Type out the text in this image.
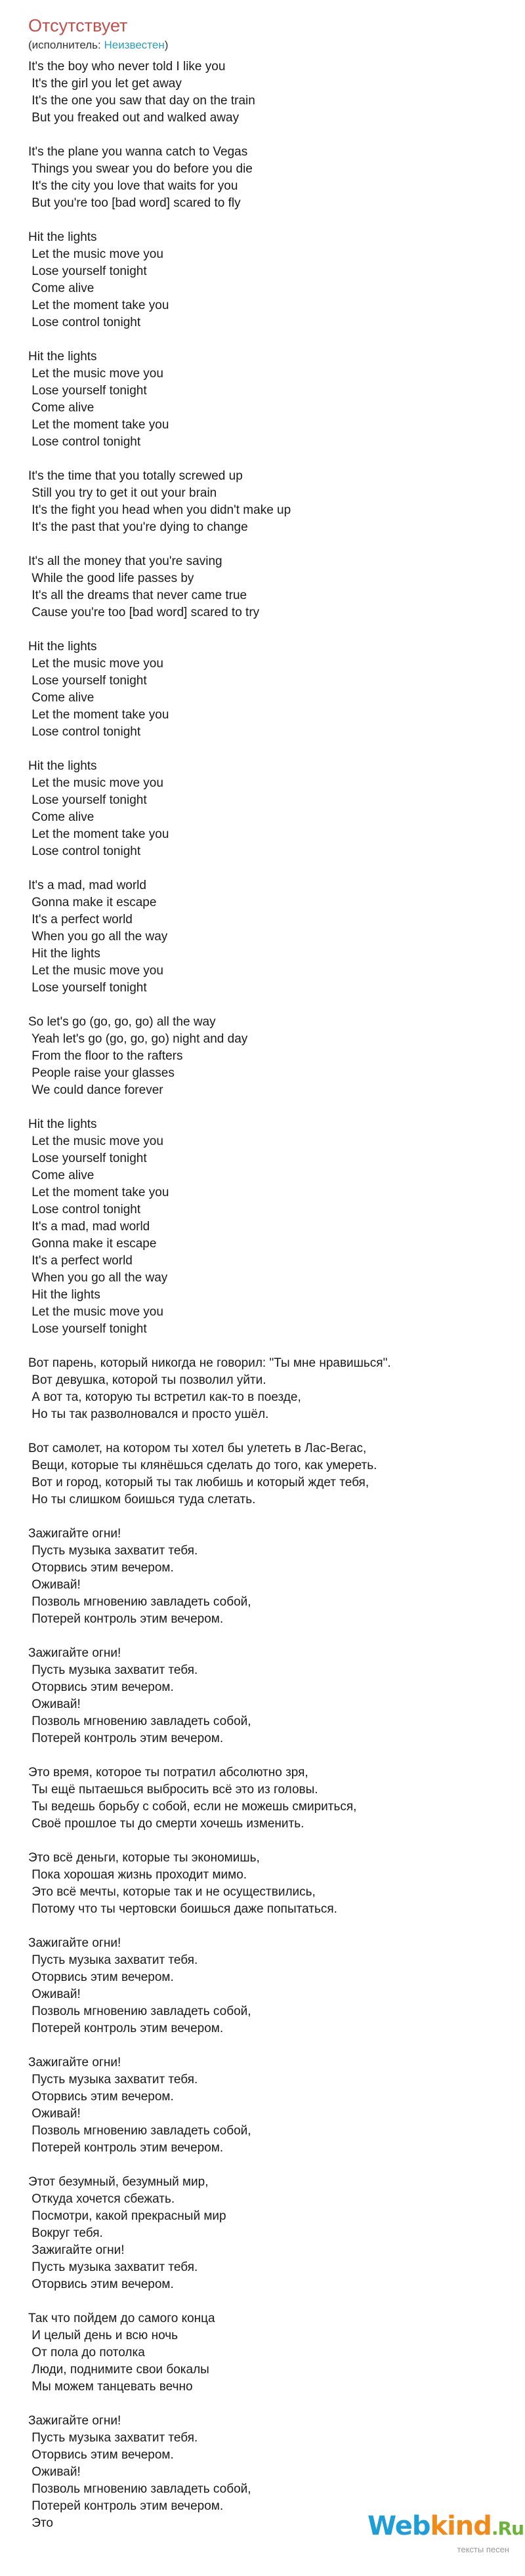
Отсутствует
(исполнитель: Неизвестен)
It's the boy who never told I like you
It's the girl you let get away
It's the one you saw that day on the train
But you freaked out and walked away
It's the plane you wanna catch to Vegas
Things you swear you do before you die
It's the city you love that waits for you
But you're too [bad word] scared to fly
Hit the lights
Let the music move you
Lose yourself tonight
Come alive
Let the moment take you
Lose control tonight
Hit the lights
Let the music move you
Lose yourself tonight
Come alive
Let the moment take you
Lose control tonight
It's the time that you totally screwed up
Still you try to get it out your brain
It's the fight you head when you didn't make up
It's the past that you're dying to change
It's all the money that you're saving
While the good life passes by
It's all the dreams that never came true
Cause you're too [bad word] scared to try
Hit the lights
Let the music move you
Lose yourself tonight
Come alive
Let the moment take you
Lose control tonight
Hit the lights
Let the music move you
Lose yourself tonight
Come alive
Let the moment take you
Lose control tonight
It's a mad, mad world
Gonna make it escape
It's a perfect world
When you go all the way
Hit the lights
Let the music move you
Lose yourself tonight
So let's go (go, go, go) all the way
Yeah let's go (go, go, go) night and day
From the floor to the rafters
People raise your glasses
We could dance forever
Hit the lights
Let the music move you
Lose yourself tonight
Come alive
Let the moment take you
Lose control tonight
It's a mad, mad world
Gonna make it escape
It's a perfect world
When you go all the way
Hit the lights
Let the music move you
Lose yourself tonight
Вот парень, который никогда не говорил: "Ты мне нравишься".
Вот девушка, которой ты позволил уйти.
А вот та, которую ты встретил как-то в поезде,
Но ты так разволновался и просто ушёл.
Вот самолет, на котором ты хотел бы улететь в Лас-Вегас,
Вещи, которые ты клянёшься сделать до того, как умереть.
Вот и город, который ты так любишь и который ждет тебя,
Но ты слишком боишься туда слетать.
Зажигайте огни!
Пусть музыка захватит тебя.
Оторвись этим вечером.
Оживай!
Позволь мгновению завладеть собой,
Потерей контроль этим вечером.
Зажигайте огни!
Пусть музыка захватит тебя.
Оторвись этим вечером.
Оживай!
Позволь мгновению завладеть собой,
Потерей контроль этим вечером.
Это время, которое ты потратил абсолютно зря,
Ты ещё пытаешься выбросить всё это из головы.
Ты ведешь борьбу с собой, если не можешь смириться,
Своё прошлое ты до смерти хочешь изменить.
Это всё деньги, которые ты экономишь,
Пока хорошая жизнь проходит мимо.
Это всё мечты, которые так и не осуществились,
Потому что ты чертовски боишься даже попытаться.
Зажигайте огни!
Пусть музыка захватит тебя.
Оторвись этим вечером.
Оживай!
Позволь мгновению завладеть собой,
Потерей контроль этим вечером.
Зажигайте огни!
Пусть музыка захватит тебя.
Оторвись этим вечером.
Оживай!
Позволь мгновению завладеть собой,
Потерей контроль этим вечером.
Этот безумный, безумный мир,
Откуда хочется сбежать.
Посмотри, какой прекрасный мир
Вокруг тебя.
Зажигайте огни!
Пусть музыка захватит тебя.
Оторвись этим вечером.
Так что пойдем до самого конца
И целый день и всю ночь
От пола до потолка
Люди, поднимите свои бокалы
Мы можем танцевать вечно
Зажигайте огни!
Пусть музыка захватит тебя.
Оторвись этим вечером.
Оживай!
Позволь мгновению завладеть собой,
Потерей контроль этим вечером.
Это	Webkind.Ru
тексты песен
